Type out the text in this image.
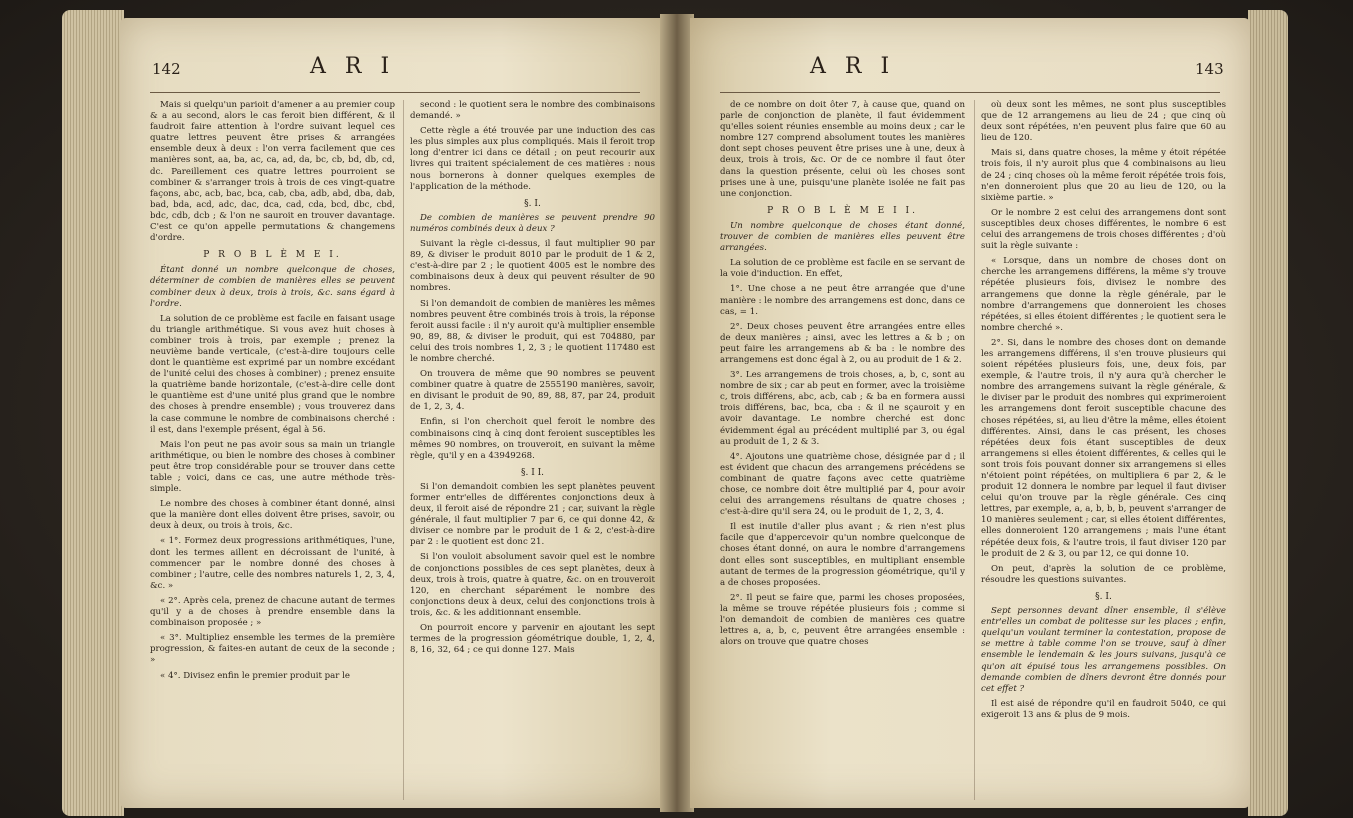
142	A R I

Mais si quelqu'un parioit d'amener a au premier coup & a au second, alors le cas feroit bien différent, & il faudroit faire attention à l'ordre suivant lequel ces quatre lettres peuvent être prises & arrangées ensemble deux à deux : l'on verra facilement que ces manières sont, aa, ba, ac, ca, ad, da, bc, cb, bd, db, cd, dc. Pareillement ces quatre lettres pourroient se combiner & s'arranger trois à trois de ces vingt-quatre façons, abc, acb, bac, bca, cab, cba, adb, abd, dba, dab, bad, bda, acd, adc, dac, dca, cad, cda, bcd, dbc, cbd, bdc, cdb, dcb ; & l'on ne sauroit en trouver davantage. C'est ce qu'on appelle permutations & changemens d'ordre.

P R O B L È M E I.

Étant donné un nombre quelconque de choses, déterminer de combien de manières elles se peuvent combiner deux à deux, trois à trois, &c. sans égard à l'ordre.

La solution de ce problème est facile en faisant usage du triangle arithmétique. Si vous avez huit choses à combiner trois à trois, par exemple ; prenez la neuvième bande verticale, (c'est-à-dire toujours celle dont le quantième est exprimé par un nombre excédant de l'unité celui des choses à combiner) ; prenez ensuite la quatrième bande horizontale, (c'est-à-dire celle dont le quantième est d'une unité plus grand que le nombre des choses à prendre ensemble) ; vous trouverez dans la case commune le nombre de combinaisons cherché : il est, dans l'exemple présent, égal à 56.

Mais l'on peut ne pas avoir sous sa main un triangle arithmétique, ou bien le nombre des choses à combiner peut être trop considérable pour se trouver dans cette table ; voici, dans ce cas, une autre méthode très-simple.

Le nombre des choses à combiner étant donné, ainsi que la manière dont elles doivent être prises, savoir, ou deux à deux, ou trois à trois, &c.

« 1°. Formez deux progressions arithmétiques, l'une, dont les termes aillent en décroissant de l'unité, à commencer par le nombre donné des choses à combiner ; l'autre, celle des nombres naturels 1, 2, 3, 4, &c. »

« 2°. Après cela, prenez de chacune autant de termes qu'il y a de choses à prendre ensemble dans la combinaison proposée ; »

« 3°. Multipliez ensemble les termes de la première progression, & faites-en autant de ceux de la seconde ; »

« 4°. Divisez enfin le premier produit par le

second : le quotient sera le nombre des combinaisons demandé. »

Cette règle a été trouvée par une induction des cas les plus simples aux plus compliqués. Mais il feroit trop long d'entrer ici dans ce détail ; on peut recourir aux livres qui traitent spécialement de ces matières : nous nous bornerons à donner quelques exemples de l'application de la méthode.

§. I.

De combien de manières se peuvent prendre 90 numéros combinés deux à deux ?

Suivant la règle ci-dessus, il faut multiplier 90 par 89, & diviser le produit 8010 par le produit de 1 & 2, c'est-à-dire par 2 ; le quotient 4005 est le nombre des combinaisons deux à deux qui peuvent résulter de 90 nombres.

Si l'on demandoit de combien de manières les mêmes nombres peuvent être combinés trois à trois, la réponse feroit aussi facile : il n'y auroit qu'à multiplier ensemble 90, 89, 88, & diviser le produit, qui est 704880, par celui des trois nombres 1, 2, 3 ; le quotient 117480 est le nombre cherché.

On trouvera de même que 90 nombres se peuvent combiner quatre à quatre de 2555190 manières, savoir, en divisant le produit de 90, 89, 88, 87, par 24, produit de 1, 2, 3, 4.

Enfin, si l'on cherchoit quel feroit le nombre des combinaisons cinq à cinq dont feroient susceptibles les mêmes 90 nombres, on trouveroit, en suivant la même règle, qu'il y en a 43949268.

§. I I.

Si l'on demandoit combien les sept planètes peuvent former entr'elles de différentes conjonctions deux à deux, il feroit aisé de répondre 21 ; car, suivant la règle générale, il faut multiplier 7 par 6, ce qui donne 42, & diviser ce nombre par le produit de 1 & 2, c'est-à-dire par 2 : le quotient est donc 21.

Si l'on vouloit absolument savoir quel est le nombre de conjonctions possibles de ces sept planètes, deux à deux, trois à trois, quatre à quatre, &c. on en trouveroit 120, en cherchant séparément le nombre des conjonctions deux à deux, celui des conjonctions trois à trois, &c. & les additionnant ensemble.

On pourroit encore y parvenir en ajoutant les sept termes de la progression géométrique double, 1, 2, 4, 8, 16, 32, 64 ; ce qui donne 127. Mais

A R I	143

de ce nombre on doit ôter 7, à cause que, quand on parle de conjonction de planète, il faut évidemment qu'elles soient réunies ensemble au moins deux ; car le nombre 127 comprend absolument toutes les manières dont sept choses peuvent être prises une à une, deux à deux, trois à trois, &c. Or de ce nombre il faut ôter dans la question présente, celui où les choses sont prises une à une, puisqu'une planète isolée ne fait pas une conjonction.

P R O B L È M E I I.

Un nombre quelconque de choses étant donné, trouver de combien de manières elles peuvent être arrangées.

La solution de ce problème est facile en se servant de la voie d'induction. En effet,

1°. Une chose a ne peut être arrangée que d'une manière : le nombre des arrangemens est donc, dans ce cas, = 1.

2°. Deux choses peuvent être arrangées entre elles de deux manières ; ainsi, avec les lettres a & b ; on peut faire les arrangemens ab & ba : le nombre des arrangemens est donc égal à 2, ou au produit de 1 & 2.

3°. Les arrangemens de trois choses, a, b, c, sont au nombre de six ; car ab peut en former, avec la troisième c, trois différens, abc, acb, cab ; & ba en formera aussi trois différens, bac, bca, cba : & il ne sçauroit y en avoir davantage. Le nombre cherché est donc évidemment égal au précédent multiplié par 3, ou égal au produit de 1, 2 & 3.

4°. Ajoutons une quatrième chose, désignée par d ; il est évident que chacun des arrangemens précédens se combinant de quatre façons avec cette quatrième chose, ce nombre doit être multiplié par 4, pour avoir celui des arrangemens résultans de quatre choses ; c'est-à-dire qu'il sera 24, ou le produit de 1, 2, 3, 4.

Il est inutile d'aller plus avant ; & rien n'est plus facile que d'appercevoir qu'un nombre quelconque de choses étant donné, on aura le nombre d'arrangemens dont elles sont susceptibles, en multipliant ensemble autant de termes de la progression géométrique, qu'il y a de choses proposées.

2°. Il peut se faire que, parmi les choses proposées, la même se trouve répétée plusieurs fois ; comme si l'on demandoit de combien de manières ces quatre lettres a, a, b, c, peuvent être arrangées ensemble : alors on trouve que quatre choses

où deux sont les mêmes, ne sont plus susceptibles que de 12 arrangemens au lieu de 24 ; que cinq où deux sont répétées, n'en peuvent plus faire que 60 au lieu de 120.

Mais si, dans quatre choses, la même y étoit répétée trois fois, il n'y auroit plus que 4 combinaisons au lieu de 24 ; cinq choses où la même feroit répétée trois fois, n'en donneroient plus que 20 au lieu de 120, ou la sixième partie. »

Or le nombre 2 est celui des arrangemens dont sont susceptibles deux choses différentes, le nombre 6 est celui des arrangemens de trois choses différentes ; d'où suit la règle suivante :

« Lorsque, dans un nombre de choses dont on cherche les arrangemens différens, la même s'y trouve répétée plusieurs fois, divisez le nombre des arrangemens que donne la règle générale, par le nombre d'arrangemens que donneroient les choses répétées, si elles étoient différentes ; le quotient sera le nombre cherché ».

2°. Si, dans le nombre des choses dont on demande les arrangemens différens, il s'en trouve plusieurs qui soient répétées plusieurs fois, une, deux fois, par exemple, & l'autre trois, il n'y aura qu'à chercher le nombre des arrangemens suivant la règle générale, & le diviser par le produit des nombres qui exprimeroient les arrangemens dont feroit susceptible chacune des choses répétées, si, au lieu d'être la même, elles étoient différentes. Ainsi, dans le cas présent, les choses répétées deux fois étant susceptibles de deux arrangemens si elles étoient différentes, & celles qui le sont trois fois pouvant donner six arrangemens si elles n'étoient point répétées, on multipliera 6 par 2, & le produit 12 donnera le nombre par lequel il faut diviser celui qu'on trouve par la règle générale. Ces cinq lettres, par exemple, a, a, b, b, b, peuvent s'arranger de 10 manières seulement ; car, si elles étoient différentes, elles donneroient 120 arrangemens ; mais l'une étant répétée deux fois, & l'autre trois, il faut diviser 120 par le produit de 2 & 3, ou par 12, ce qui donne 10.

On peut, d'après la solution de ce problème, résoudre les questions suivantes.

§. I.

Sept personnes devant dîner ensemble, il s'élève entr'elles un combat de politesse sur les places ; enfin, quelqu'un voulant terminer la contestation, propose de se mettre à table comme l'on se trouve, sauf à dîner ensemble le lendemain & les jours suivans, jusqu'à ce qu'on ait épuisé tous les arrangemens possibles. On demande combien de dîners devront être donnés pour cet effet ?

Il est aisé de répondre qu'il en faudroit 5040, ce qui exigeroit 13 ans & plus de 9 mois.
